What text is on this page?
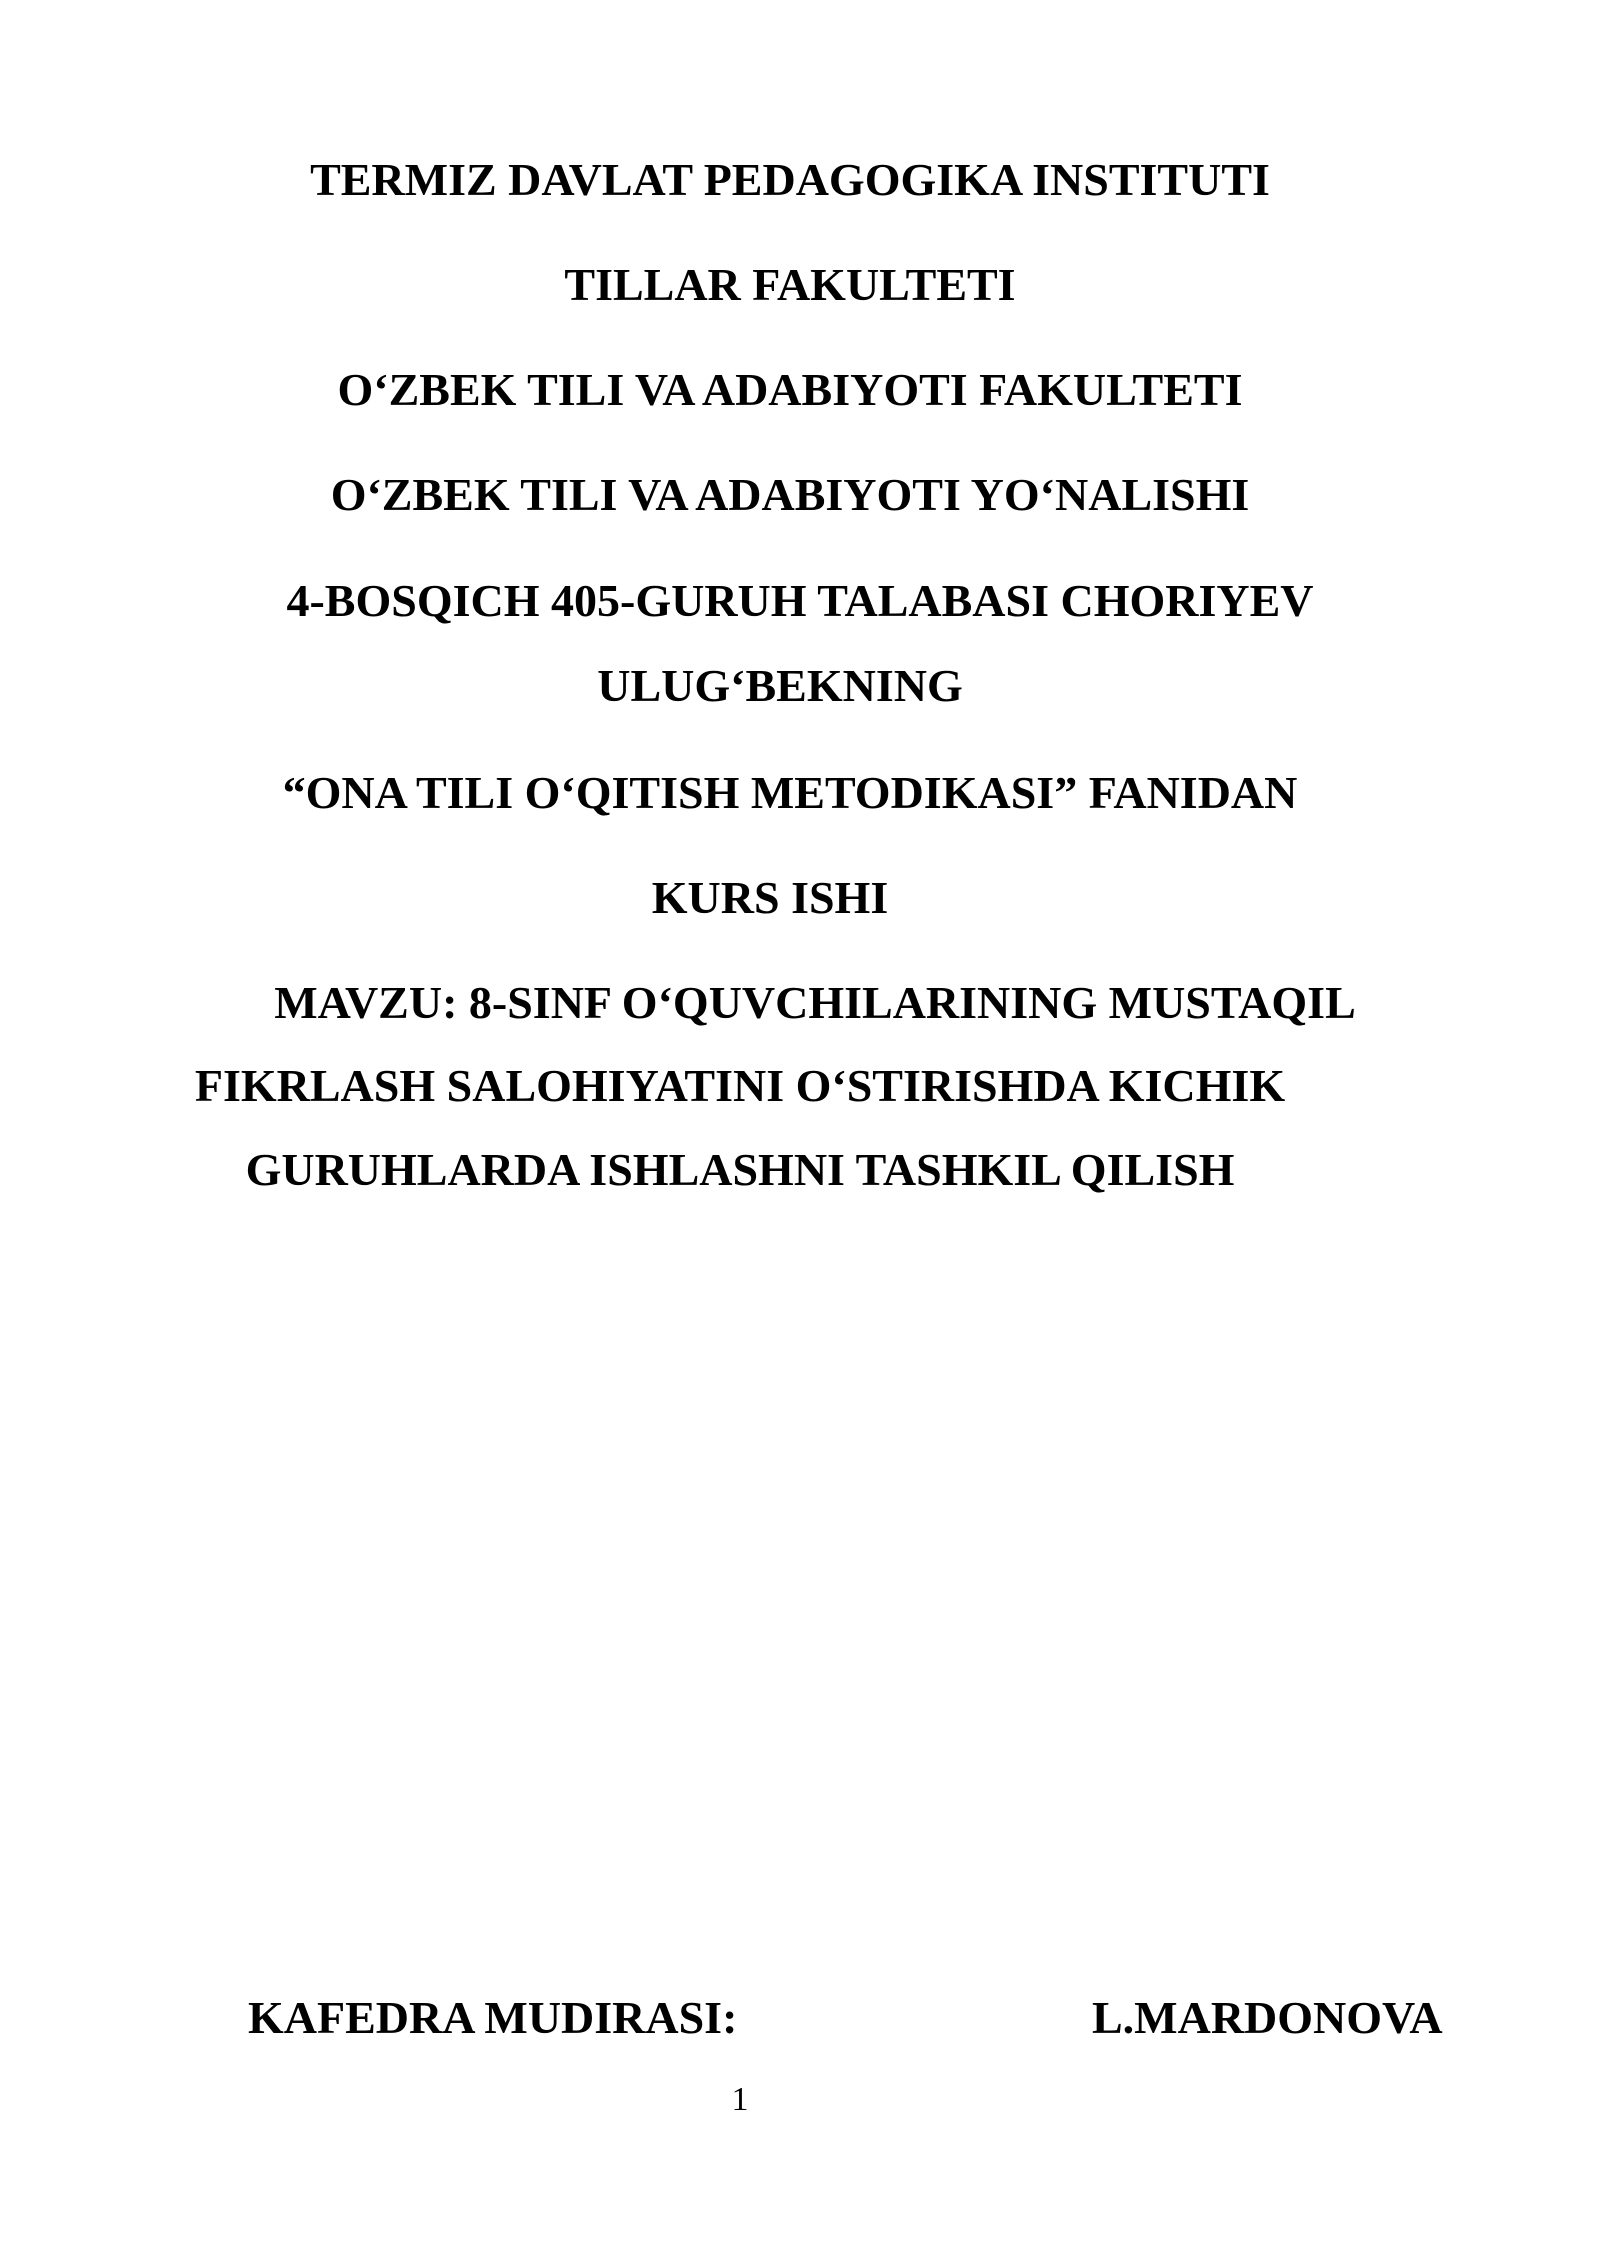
TERMIZ DAVLAT PEDAGOGIKA INSTITUTI
TILLAR FAKULTETI
O‘ZBEK TILI VA ADABIYOTI FAKULTETI
O‘ZBEK TILI VA ADABIYOTI YO‘NALISHI
4-BOSQICH 405-GURUH TALABASI CHORIYEV
ULUG‘BEKNING
“ONA TILI O‘QITISH METODIKASI” FANIDAN
KURS ISHI
MAVZU: 8-SINF O‘QUVCHILARINING MUSTAQIL
FIKRLASH SALOHIYATINI O‘STIRISHDA KICHIK
GURUHLARDA ISHLASHNI TASHKIL QILISH
KAFEDRA MUDIRASI:	L.MARDONOVA
1
